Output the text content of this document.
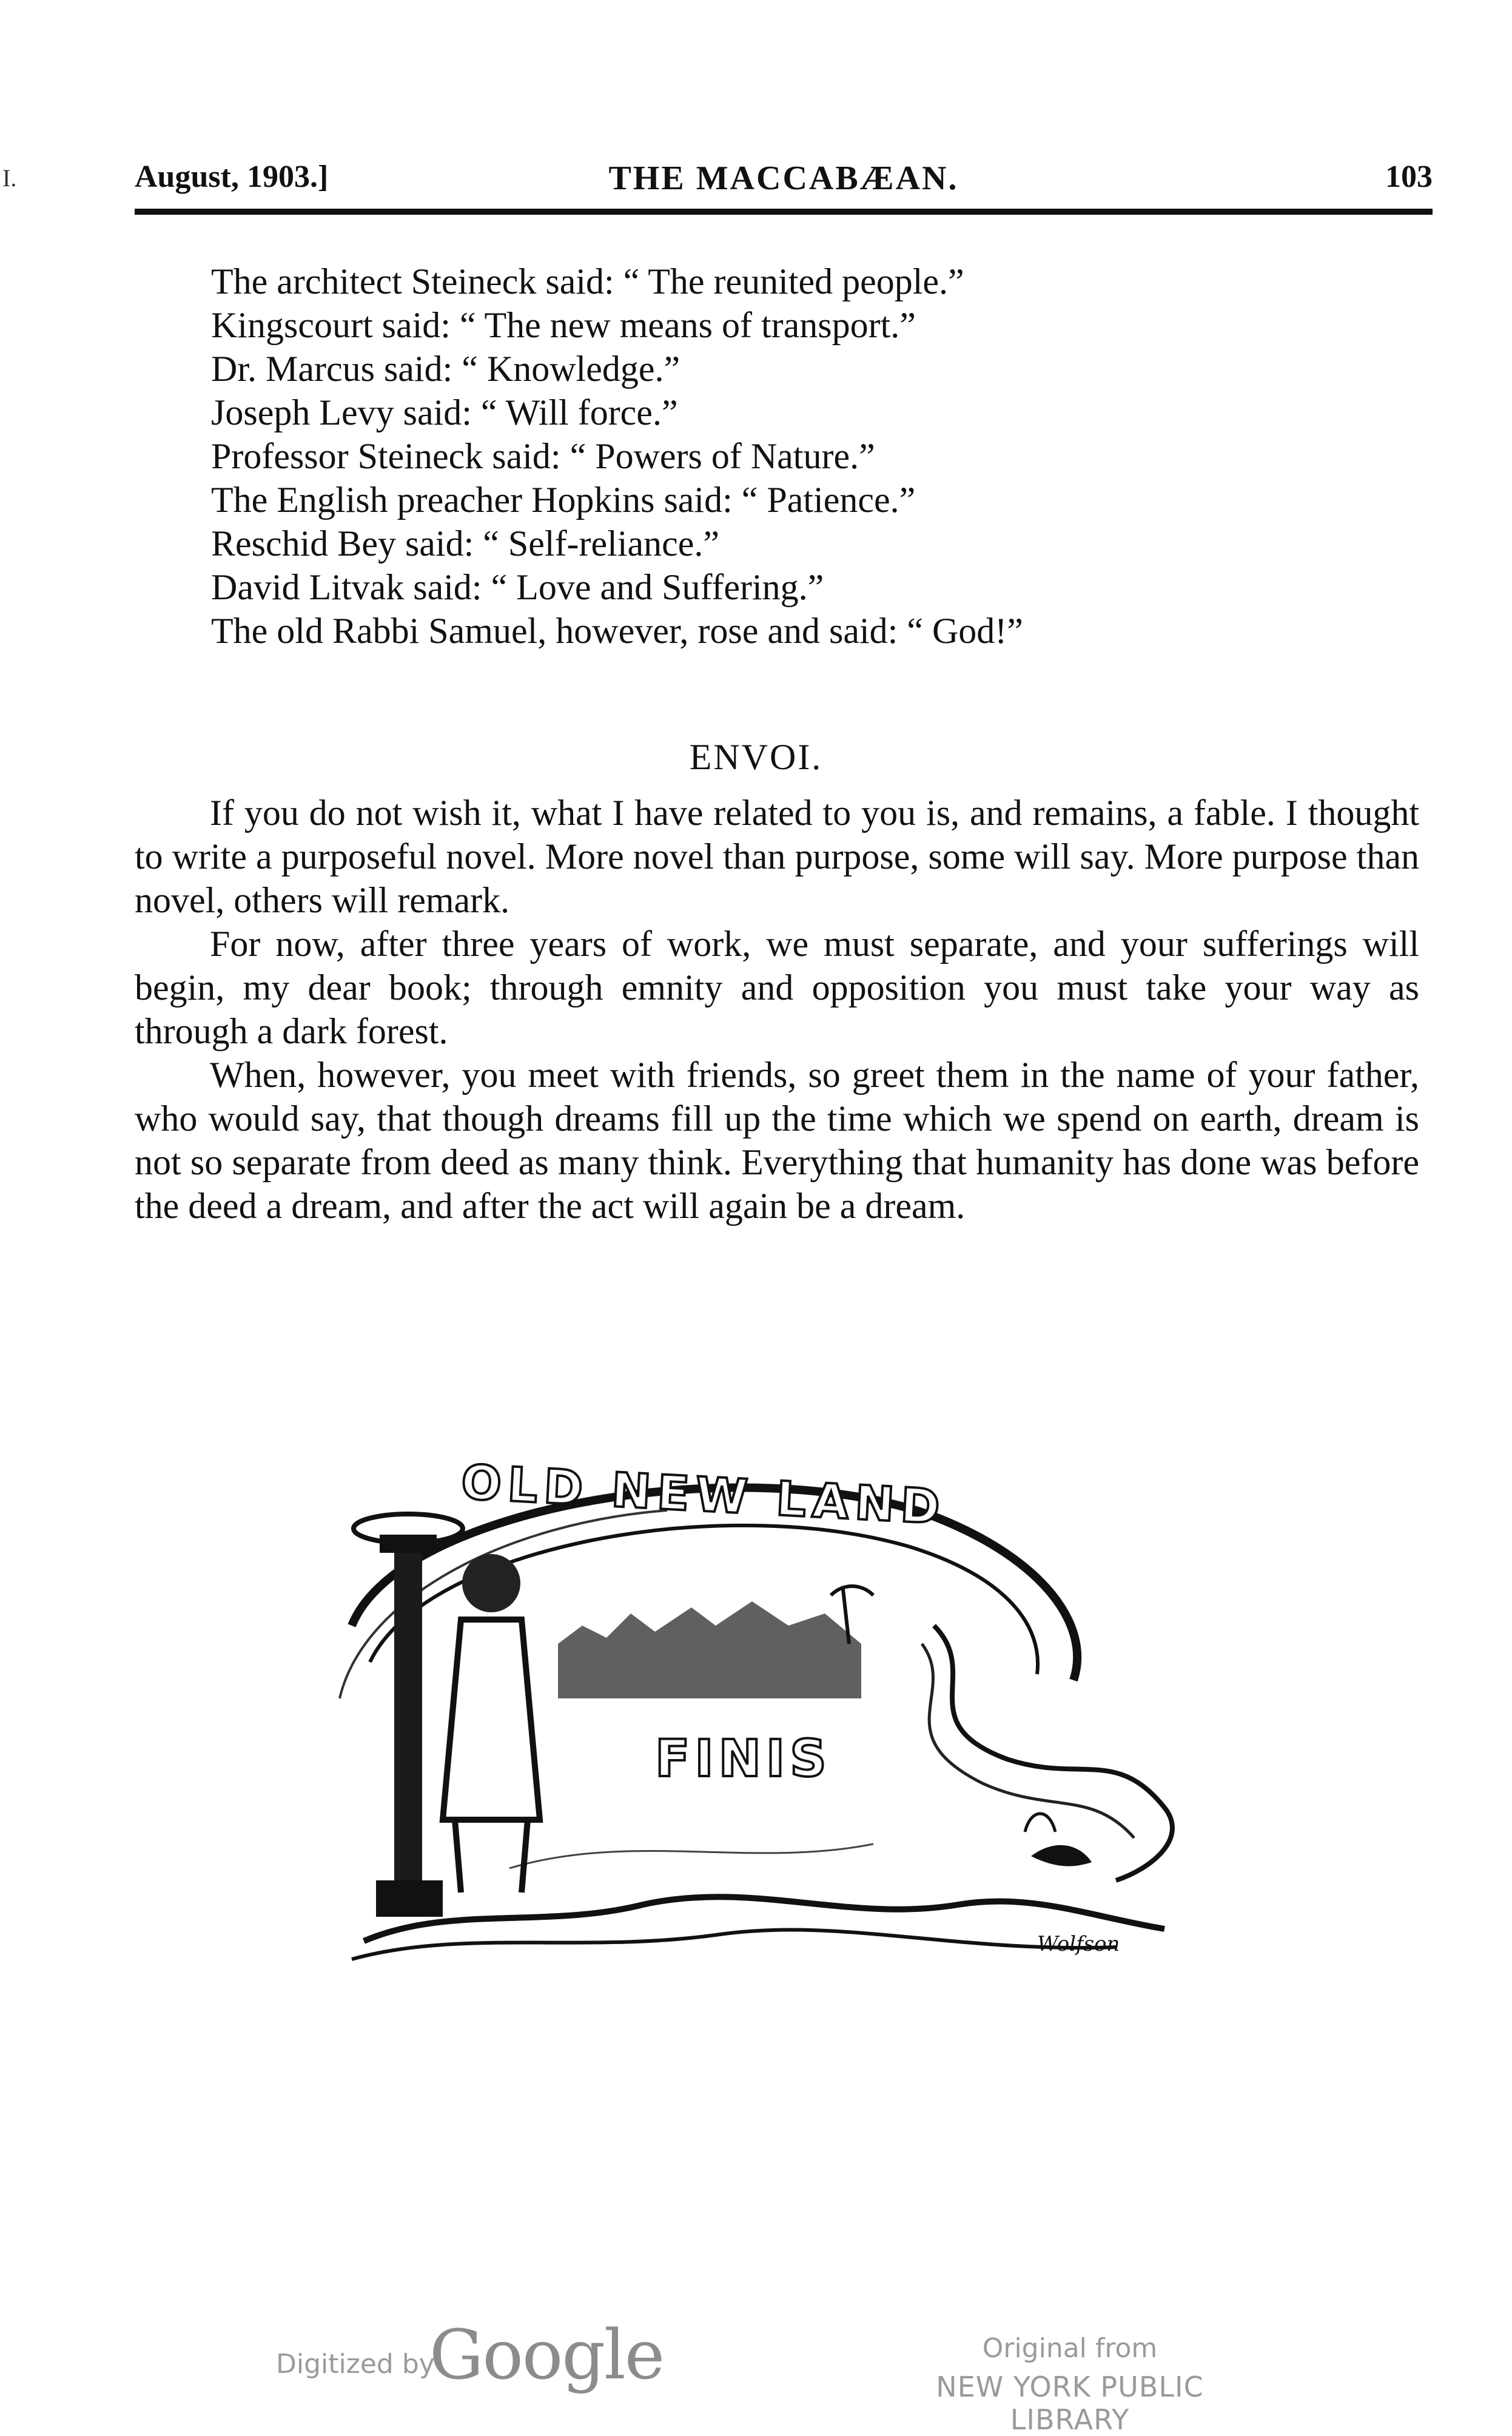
I.	August, 1903.]	THE MACCABÆAN.	103
The architect Steineck said: “ The reunited people.”
Kingscourt said: “ The new means of transport.”
Dr. Marcus said: “ Knowledge.”
Joseph Levy said: “ Will force.”
Professor Steineck said: “ Powers of Nature.”
The English preacher Hopkins said: “ Patience.”
Reschid Bey said: “ Self-reliance.”
David Litvak said: “ Love and Suffering.”
The old Rabbi Samuel, however, rose and said: “ God!”
ENVOI.

If you do not wish it, what I have related to you is, and remains, a fable. I thought to write a purposeful novel. More novel than purpose, some will say. More purpose than novel, others will remark.

For now, after three years of work, we must separate, and your sufferings will begin, my dear book; through emnity and opposition you must take your way as through a dark forest.

When, however, you meet with friends, so greet them in the name of your father, who would say, that though dreams fill up the time which we spend on earth, dream is not so separate from deed as many think. Everything that humanity has done was before the deed a dream, and after the act will again be a dream.

OLD NEW LAND
FINIS
Wolfson
Digitized by
Google	Original from
NEW YORK PUBLIC LIBRARY
